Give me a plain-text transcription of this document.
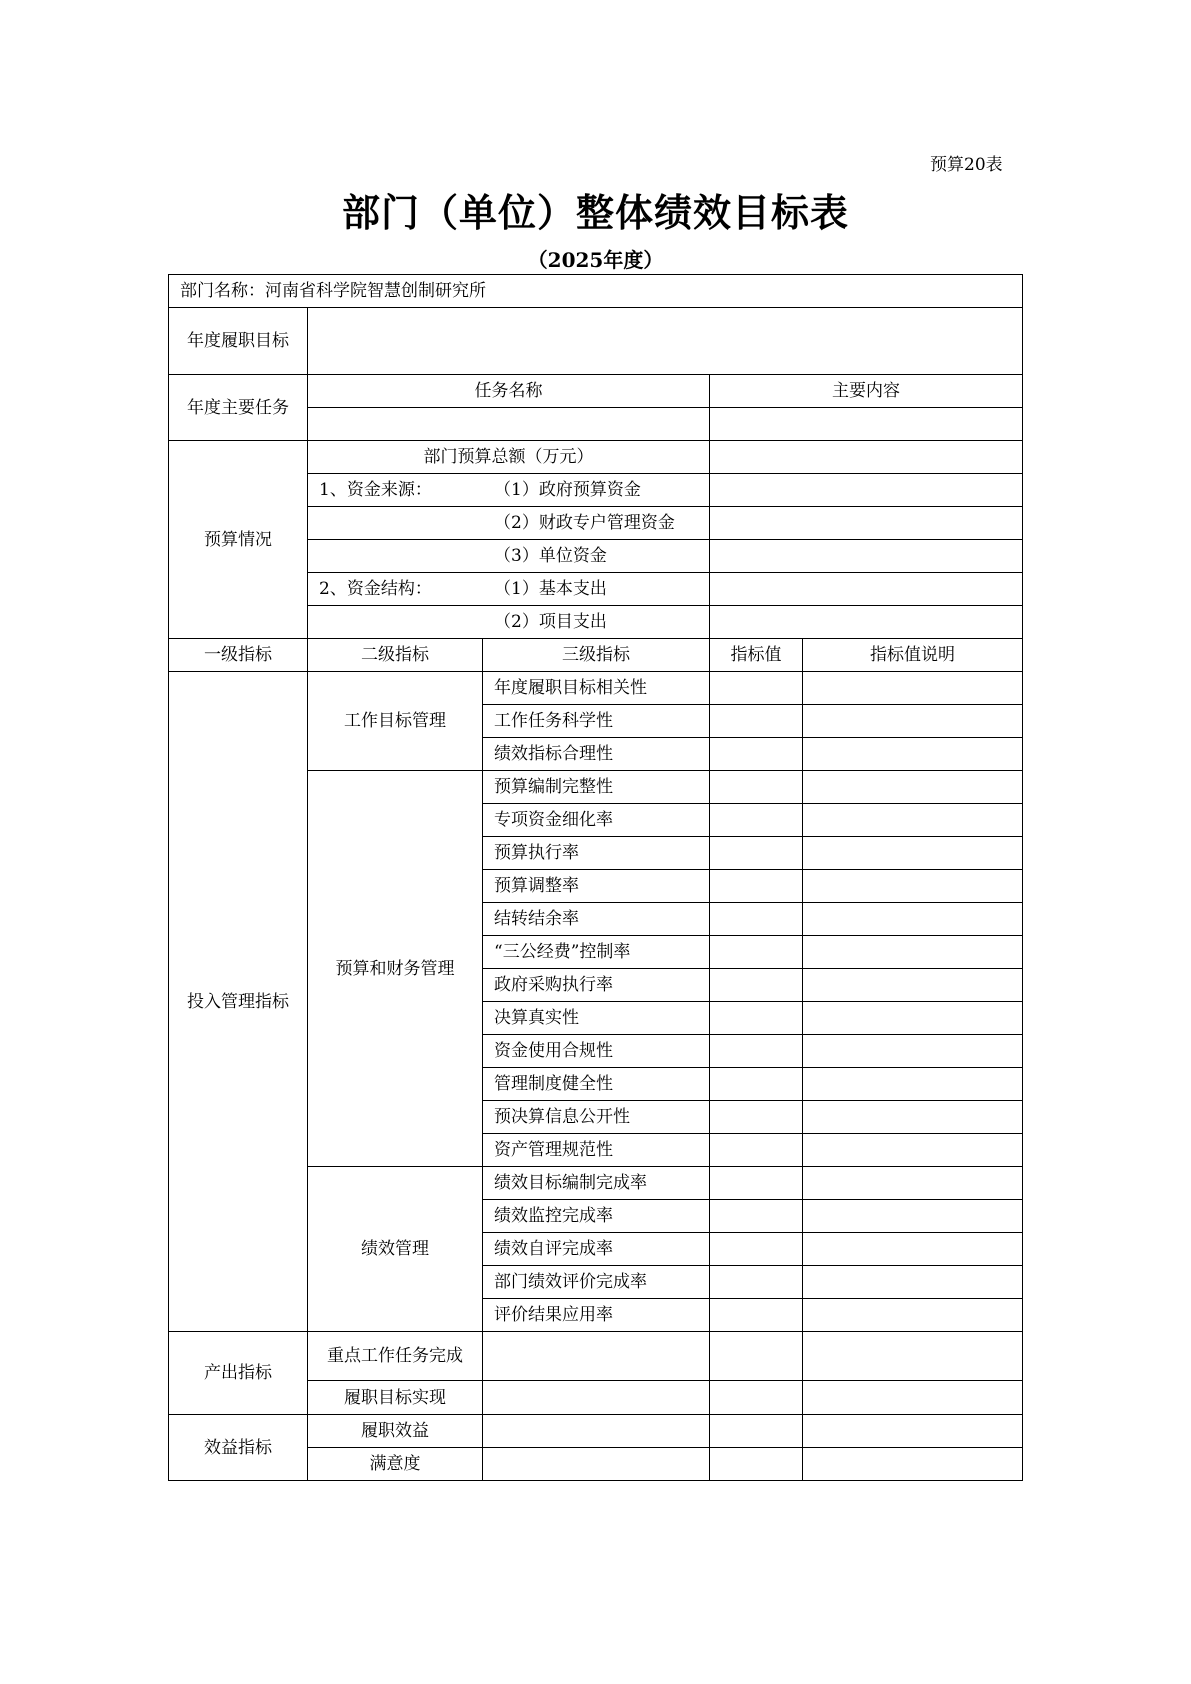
预算20表
部门（单位）整体绩效目标表
（2025年度）
部门名称：河南省科学院智慧创制研究所				
年度履职目标				
年度主要任务	任务名称		主要内容	

预算情况	部门预算总额（万元）			
	1、资金来源： （1）政府预算资金			
	（2）财政专户管理资金			
	（3）单位资金			
	2、资金结构： （1）基本支出			
	（2）项目支出			
一级指标	二级指标	三级指标	指标值	指标值说明
投入管理指标	工作目标管理	年度履职目标相关性		
		工作任务科学性		
		绩效指标合理性		
	预算和财务管理	预算编制完整性		
		专项资金细化率		
		预算执行率		
		预算调整率		
		结转结余率		
		“三公经费”控制率		
		政府采购执行率		
		决算真实性		
		资金使用合规性		
		管理制度健全性		
		预决算信息公开性		
		资产管理规范性		
	绩效管理	绩效目标编制完成率		
		绩效监控完成率		
		绩效自评完成率		
		部门绩效评价完成率		
		评价结果应用率		
产出指标	重点工作任务完成			
	履职目标实现			
效益指标	履职效益			
	满意度			
